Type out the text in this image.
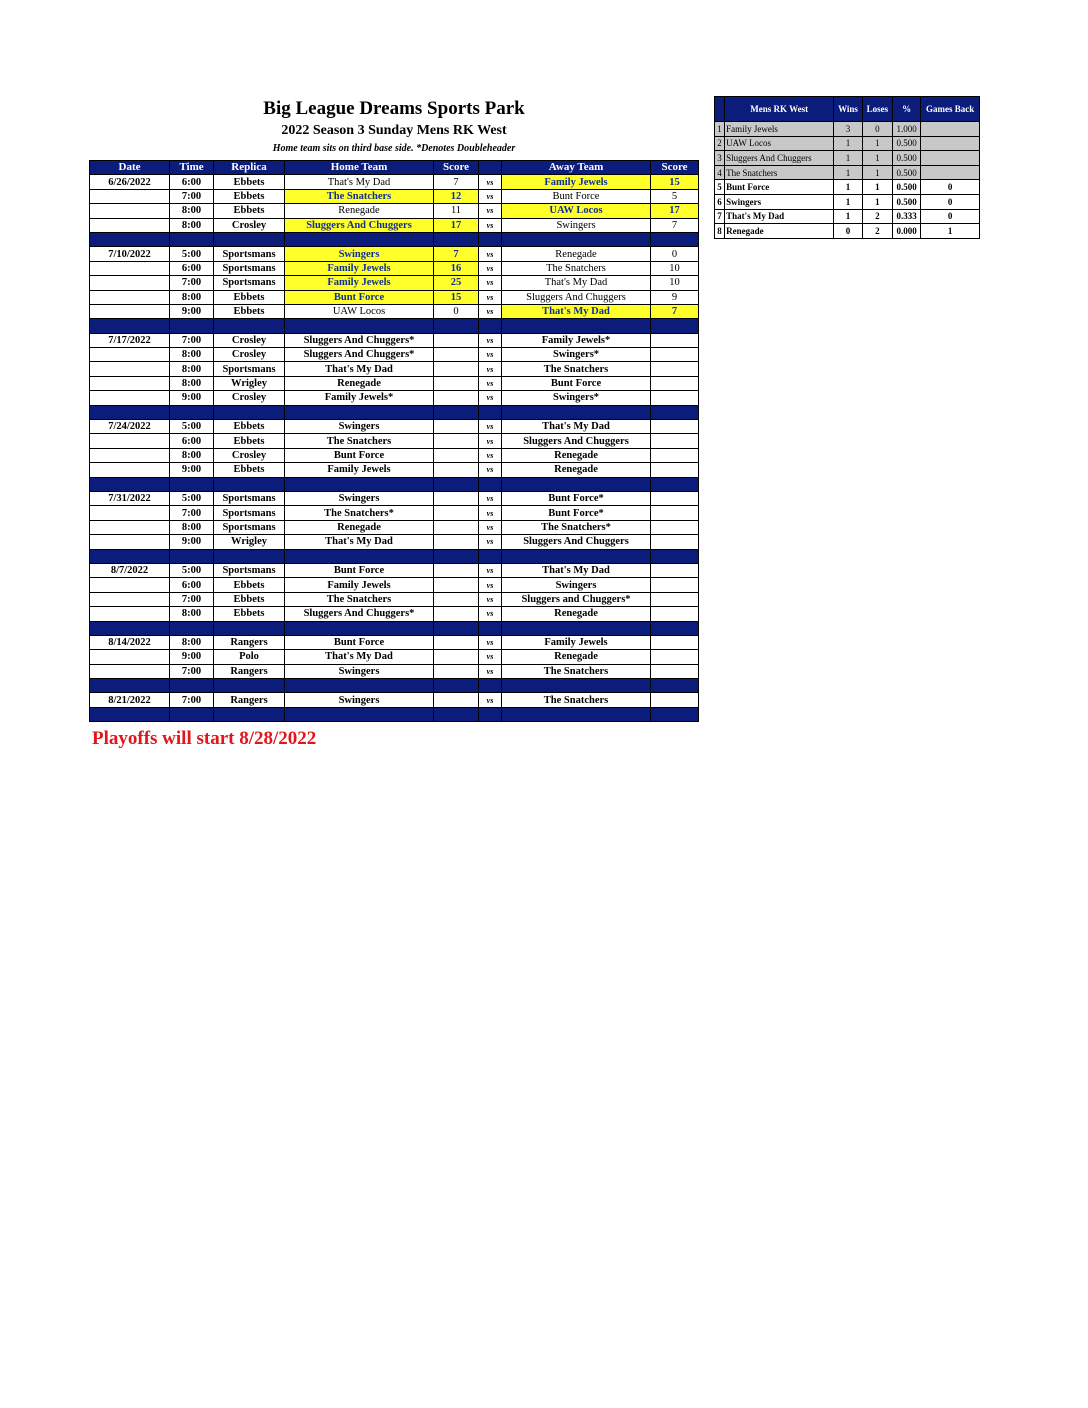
Big League Dreams Sports Park
2022 Season 3 Sunday Mens RK West
Home team sits on third base side. *Denotes Doubleheader
Date	Time	Replica	Home Team	Score		Away Team	Score
6/26/2022	6:00	Ebbets	That's My Dad	7	vs	Family Jewels	15
	7:00	Ebbets	The Snatchers	12	vs	Bunt Force	5
	8:00	Ebbets	Renegade	11	vs	UAW Locos	17
	8:00	Crosley	Sluggers And Chuggers	17	vs	Swingers	7

7/10/2022	5:00	Sportsmans	Swingers	7	vs	Renegade	0
	6:00	Sportsmans	Family Jewels	16	vs	The Snatchers	10
	7:00	Sportsmans	Family Jewels	25	vs	That's My Dad	10
	8:00	Ebbets	Bunt Force	15	vs	Sluggers And Chuggers	9
	9:00	Ebbets	UAW Locos	0	vs	That's My Dad	7

7/17/2022	7:00	Crosley	Sluggers And Chuggers*		vs	Family Jewels*	
	8:00	Crosley	Sluggers And Chuggers*		vs	Swingers*	
	8:00	Sportsmans	That's My Dad		vs	The Snatchers	
	8:00	Wrigley	Renegade		vs	Bunt Force	
	9:00	Crosley	Family Jewels*		vs	Swingers*	

7/24/2022	5:00	Ebbets	Swingers		vs	That's My Dad	
	6:00	Ebbets	The Snatchers		vs	Sluggers And Chuggers	
	8:00	Crosley	Bunt Force		vs	Renegade	
	9:00	Ebbets	Family Jewels		vs	Renegade	

7/31/2022	5:00	Sportsmans	Swingers		vs	Bunt Force*	
	7:00	Sportsmans	The Snatchers*		vs	Bunt Force*	
	8:00	Sportsmans	Renegade		vs	The Snatchers*	
	9:00	Wrigley	That's My Dad		vs	Sluggers And Chuggers	

8/7/2022	5:00	Sportsmans	Bunt Force		vs	That's My Dad	
	6:00	Ebbets	Family Jewels		vs	Swingers	
	7:00	Ebbets	The Snatchers		vs	Sluggers and Chuggers*	
	8:00	Ebbets	Sluggers And Chuggers*		vs	Renegade	

8/14/2022	8:00	Rangers	Bunt Force		vs	Family Jewels	
	9:00	Polo	That's My Dad		vs	Renegade	
	7:00	Rangers	Swingers		vs	The Snatchers	

8/21/2022	7:00	Rangers	Swingers		vs	The Snatchers	

	Mens RK West	Wins	Loses	%	Games Back
1	Family Jewels	3	0	1.000	
2	UAW Locos	1	1	0.500	
3	Sluggers And Chuggers	1	1	0.500	
4	The Snatchers	1	1	0.500	
5	Bunt Force	1	1	0.500	0
6	Swingers	1	1	0.500	0
7	That's My Dad	1	2	0.333	0
8	Renegade	0	2	0.000	1
Playoffs will start 8/28/2022
